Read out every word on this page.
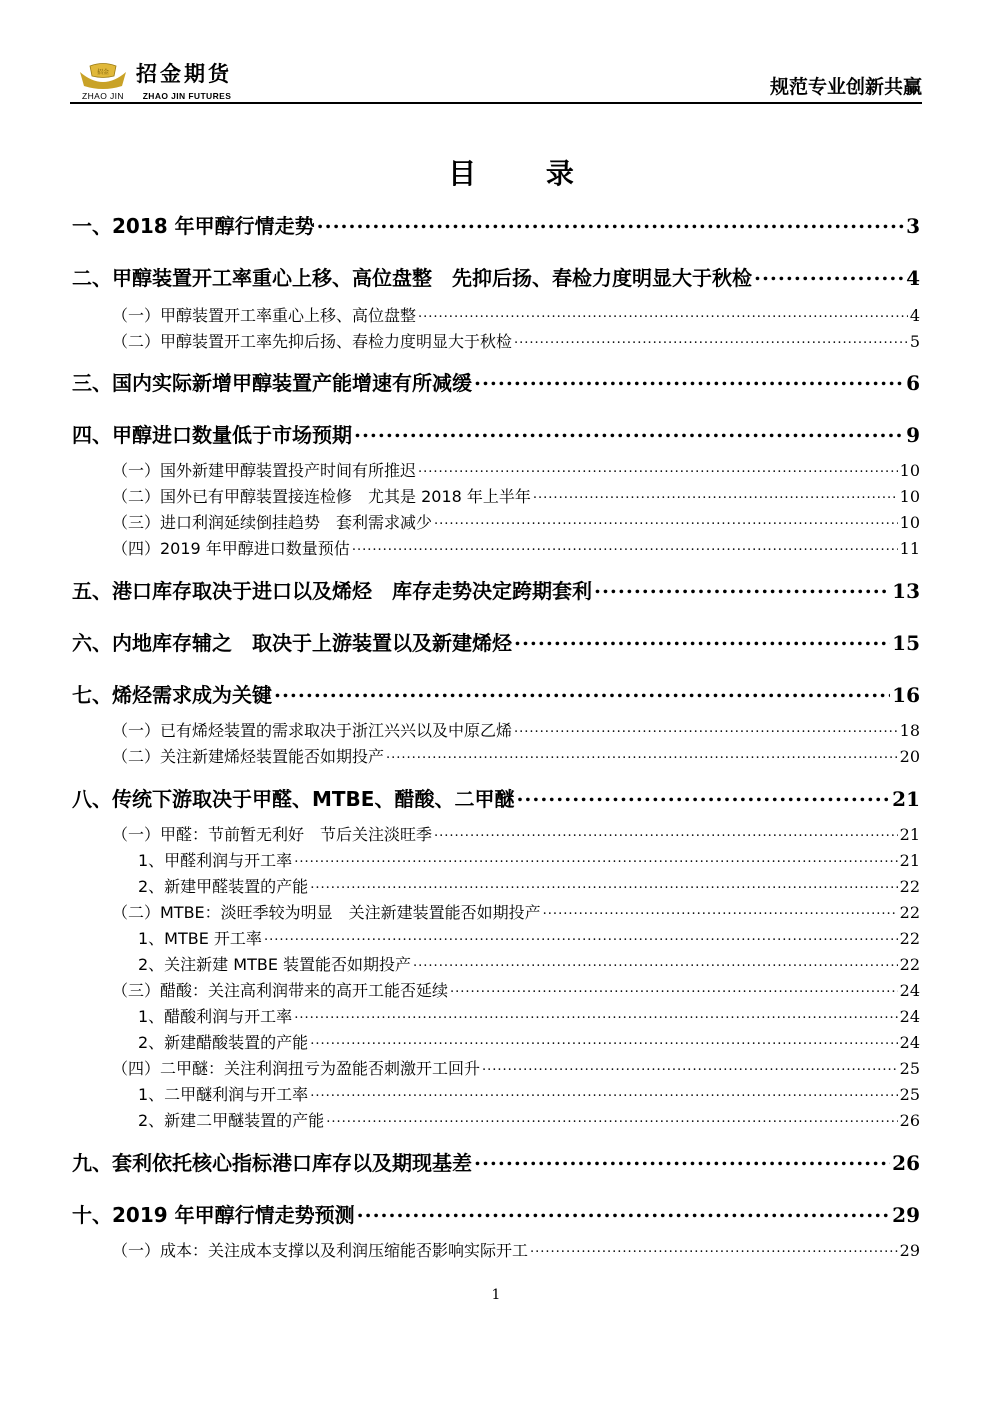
招金 招金期货
ZHAO JIN ZHAO JIN FUTURES	规范专业创新共赢
目 录
一、2018 年甲醇行情走势 .....	3
二、甲醇装置开工率重心上移、高位盘整　先抑后扬、春检力度明显大于秋检 .....	4
（一）甲醇装置开工率重心上移、高位盘整 .....	4
（二）甲醇装置开工率先抑后扬、春检力度明显大于秋检 .....	5
三、国内实际新增甲醇装置产能增速有所减缓 .....	6
四、甲醇进口数量低于市场预期 .....	9
（一）国外新建甲醇装置投产时间有所推迟 .....	10
（二）国外已有甲醇装置接连检修　尤其是 2018 年上半年 .....	10
（三）进口利润延续倒挂趋势　套利需求减少 .....	10
（四）2019 年甲醇进口数量预估 .....	11
五、港口库存取决于进口以及烯烃　库存走势决定跨期套利 .....	13
六、内地库存辅之　取决于上游装置以及新建烯烃 .....	15
七、烯烃需求成为关键 .....	16
（一）已有烯烃装置的需求取决于浙江兴兴以及中原乙烯 .....	18
（二）关注新建烯烃装置能否如期投产 .....	20
八、传统下游取决于甲醛、MTBE、醋酸、二甲醚 .....	21
（一）甲醛：节前暂无利好　节后关注淡旺季 .....	21
1、甲醛利润与开工率 .....	21
2、新建甲醛装置的产能 .....	22
（二）MTBE：淡旺季较为明显　关注新建装置能否如期投产 .....	22
1、MTBE 开工率 .....	22
2、关注新建 MTBE 装置能否如期投产 .....	22
（三）醋酸：关注高利润带来的高开工能否延续 .....	24
1、醋酸利润与开工率 .....	24
2、新建醋酸装置的产能 .....	24
（四）二甲醚：关注利润扭亏为盈能否刺激开工回升 .....	25
1、二甲醚利润与开工率 .....	25
2、新建二甲醚装置的产能 .....	26
九、套利依托核心指标港口库存以及期现基差 .....	26
十、2019 年甲醇行情走势预测 .....	29
（一）成本：关注成本支撑以及利润压缩能否影响实际开工 .....	29
1
